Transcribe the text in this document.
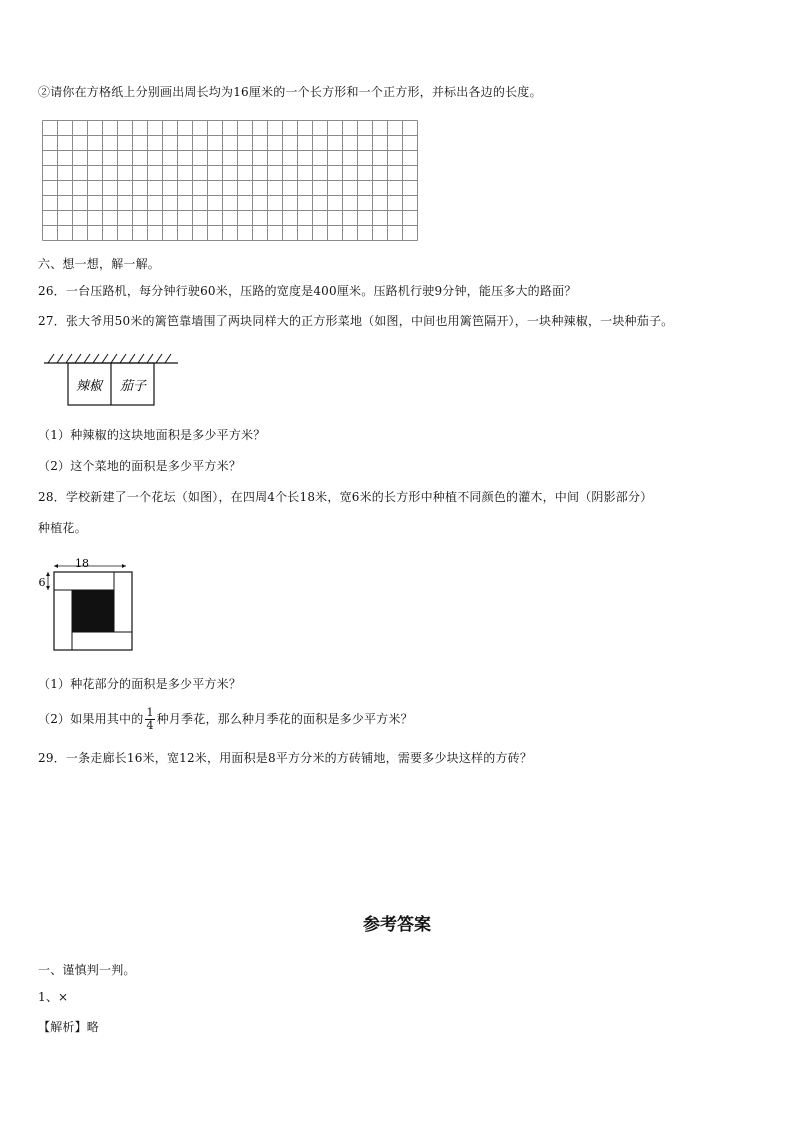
②请你在方格纸上分别画出周长均为16厘米的一个长方形和一个正方形，并标出各边的长度。
六、想一想，解一解。
26．一台压路机，每分钟行驶60米，压路的宽度是400厘米。压路机行驶9分钟，能压多大的路面？
27．张大爷用50米的篱笆靠墙围了两块同样大的正方形菜地（如图，中间也用篱笆隔开），一块种辣椒，一块种茄子。
辣椒 茄子
（1）种辣椒的这块地面积是多少平方米？
（2）这个菜地的面积是多少平方米？
28．学校新建了一个花坛（如图），在四周4个长18米，宽6米的长方形中种植不同颜色的灌木，中间（阴影部分）
种植花。
18
6
（1）种花部分的面积是多少平方米？
（2）如果用其中的 $\frac{1}{4}$ 种月季花，那么种月季花的面积是多少平方米？
29．一条走廊长16米，宽12米，用面积是8平方分米的方砖铺地，需要多少块这样的方砖？
参考答案
一、谨慎判一判。
1、×
【解析】略
